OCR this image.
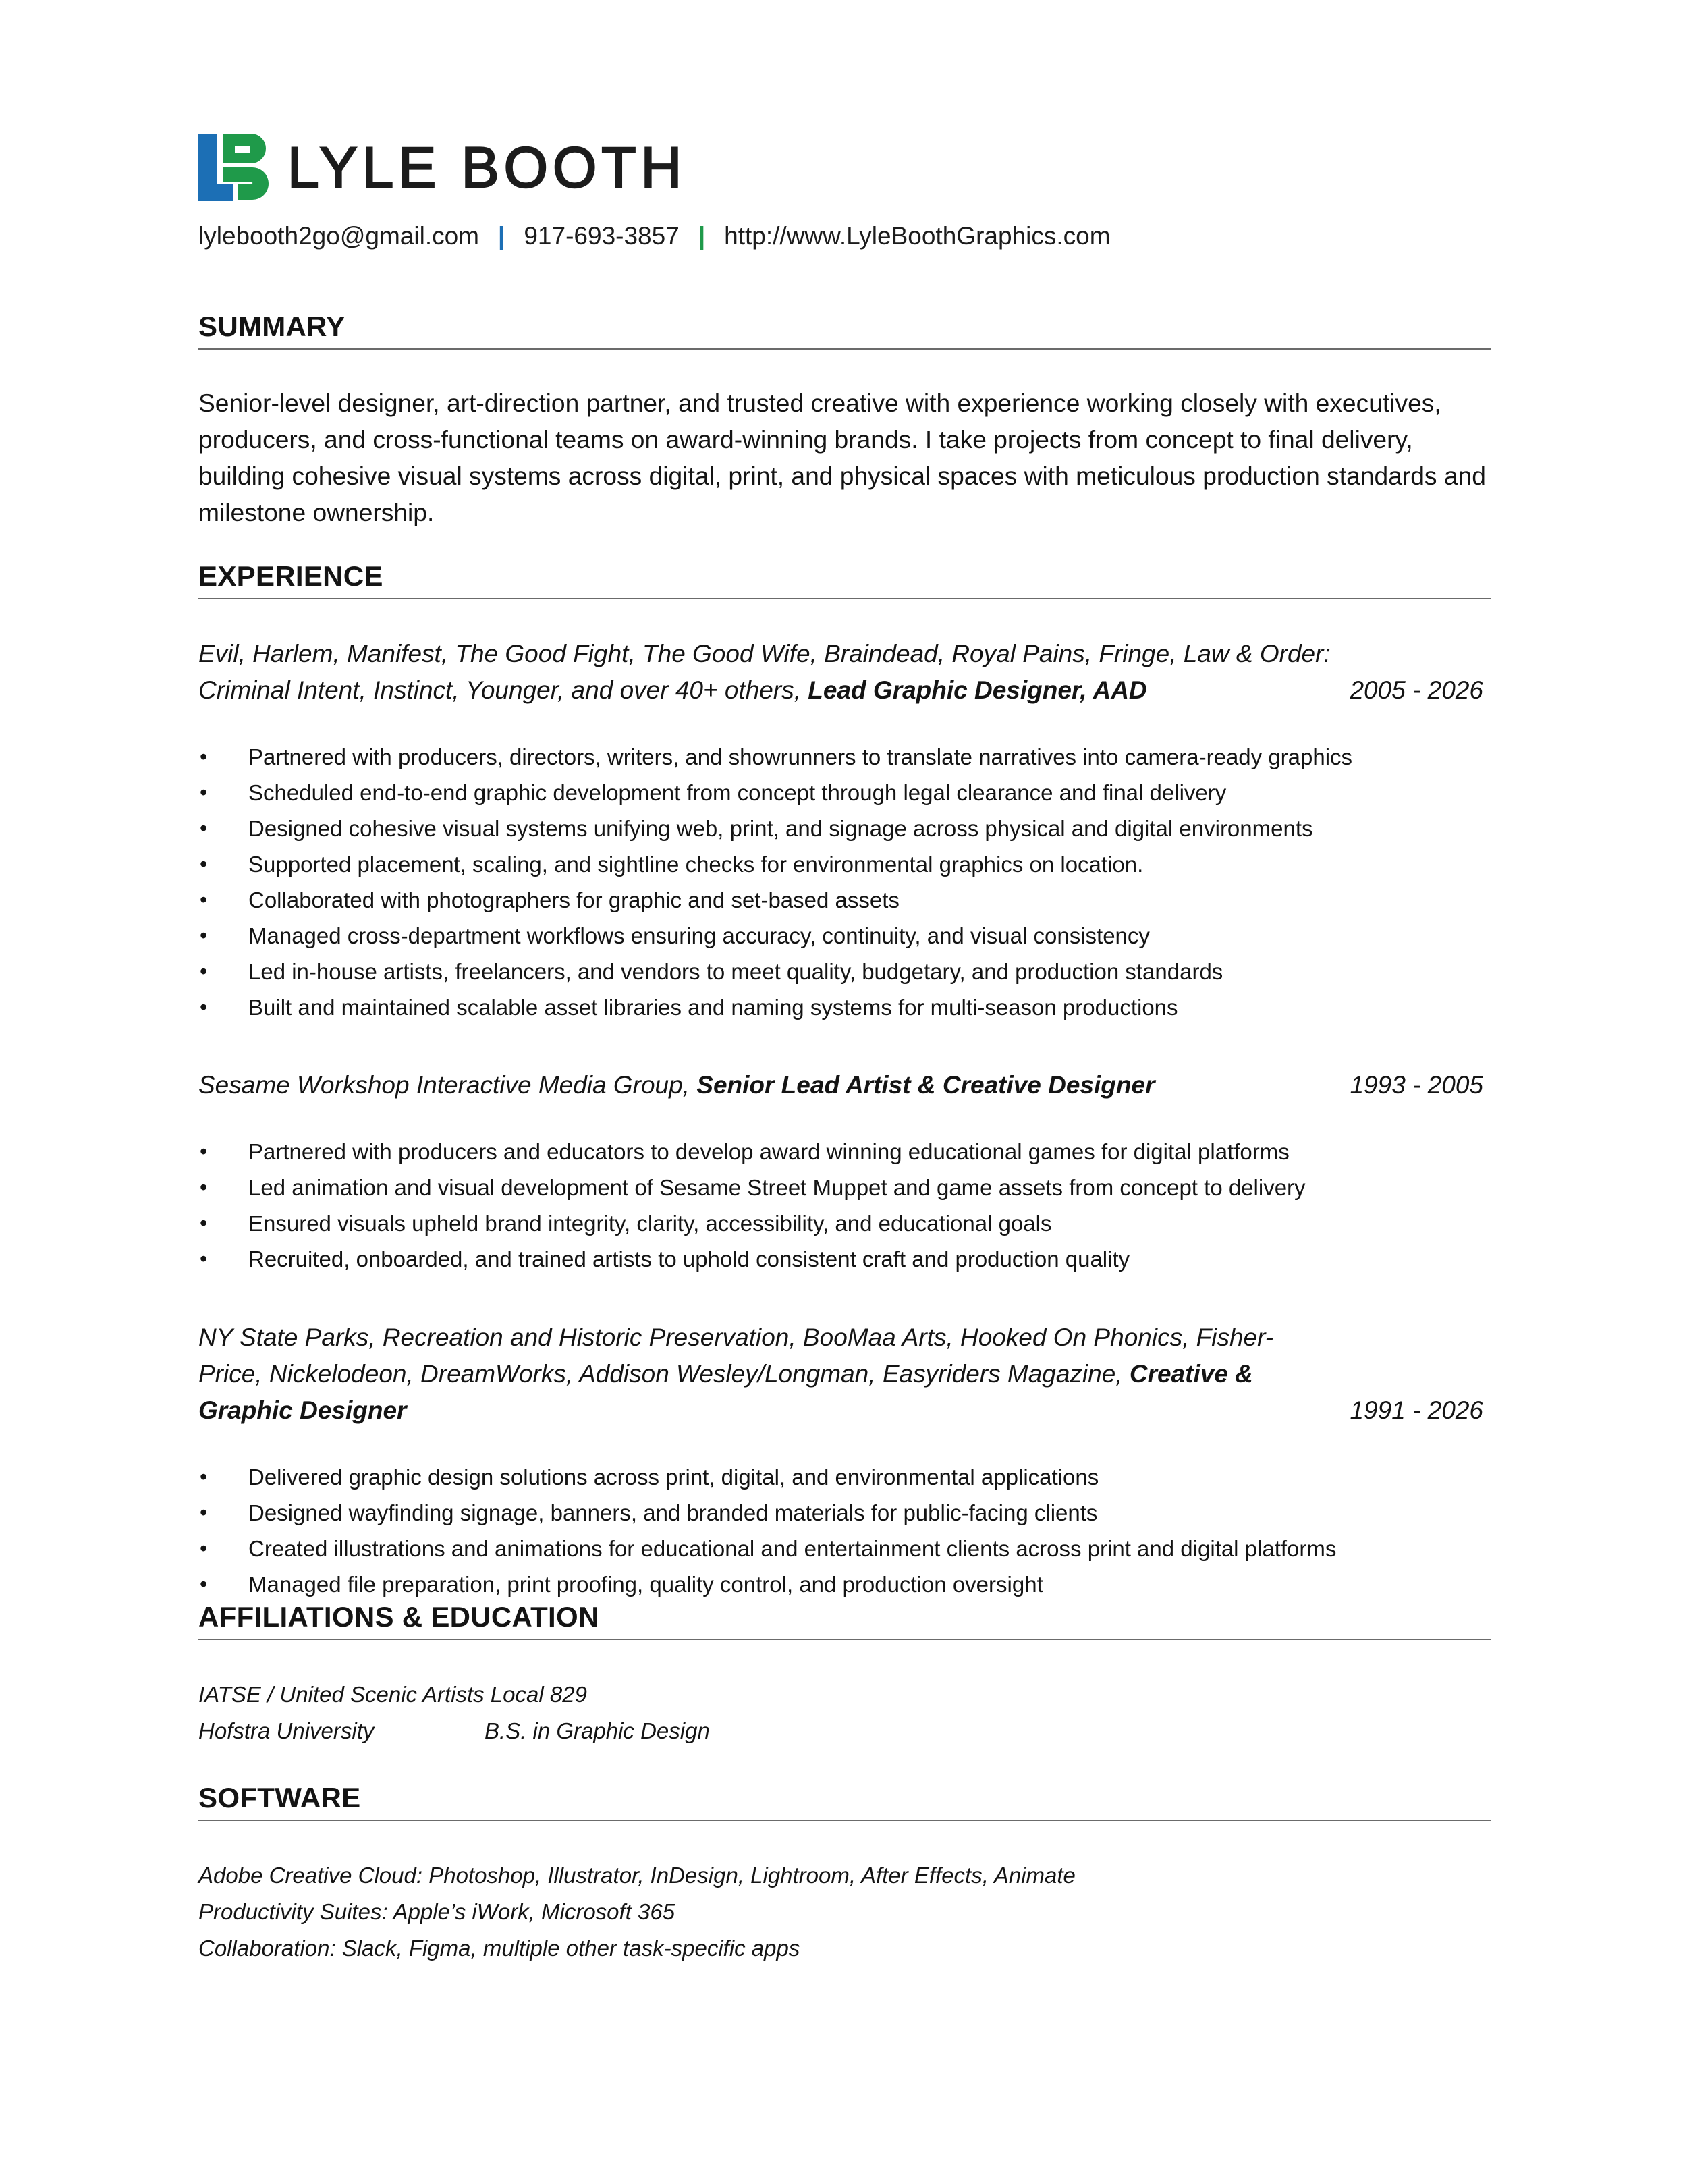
LYLE BOOTH
lylebooth2go@gmail.com | 917-693-3857 | http://www.LyleBoothGraphics.com
SUMMARY
Senior-level designer, art-direction partner, and trusted creative with experience working closely with executives, producers, and cross-functional teams on award-winning brands. I take projects from concept to final delivery, building cohesive visual systems across digital, print, and physical spaces with meticulous production standards and milestone ownership.
EXPERIENCE
Evil, Harlem, Manifest, The Good Fight, The Good Wife, Braindead, Royal Pains, Fringe, Law & Order: Criminal Intent, Instinct, Younger, and over 40+ others, Lead Graphic Designer, AAD	2005 - 2026
• Partnered with producers, directors, writers, and showrunners to translate narratives into camera-ready graphics
• Scheduled end-to-end graphic development from concept through legal clearance and final delivery
• Designed cohesive visual systems unifying web, print, and signage across physical and digital environments
• Supported placement, scaling, and sightline checks for environmental graphics on location.
• Collaborated with photographers for graphic and set-based assets
• Managed cross-department workflows ensuring accuracy, continuity, and visual consistency
• Led in-house artists, freelancers, and vendors to meet quality, budgetary, and production standards
• Built and maintained scalable asset libraries and naming systems for multi-season productions
Sesame Workshop Interactive Media Group, Senior Lead Artist & Creative Designer	1993 - 2005
• Partnered with producers and educators to develop award winning educational games for digital platforms
• Led animation and visual development of Sesame Street Muppet and game assets from concept to delivery
• Ensured visuals upheld brand integrity, clarity, accessibility, and educational goals
• Recruited, onboarded, and trained artists to uphold consistent craft and production quality
NY State Parks, Recreation and Historic Preservation, BooMaa Arts, Hooked On Phonics, Fisher-Price, Nickelodeon, DreamWorks, Addison Wesley/Longman, Easyriders Magazine, Creative & Graphic Designer	1991 - 2026
• Delivered graphic design solutions across print, digital, and environmental applications
• Designed wayfinding signage, banners, and branded materials for public-facing clients
• Created illustrations and animations for educational and entertainment clients across print and digital platforms
• Managed file preparation, print proofing, quality control, and production oversight
AFFILIATIONS & EDUCATION
IATSE / United Scenic Artists Local 829
Hofstra University	B.S. in Graphic Design
SOFTWARE
Adobe Creative Cloud: Photoshop, Illustrator, InDesign, Lightroom, After Effects, Animate
Productivity Suites: Apple’s iWork, Microsoft 365
Collaboration: Slack, Figma, multiple other task-specific apps
